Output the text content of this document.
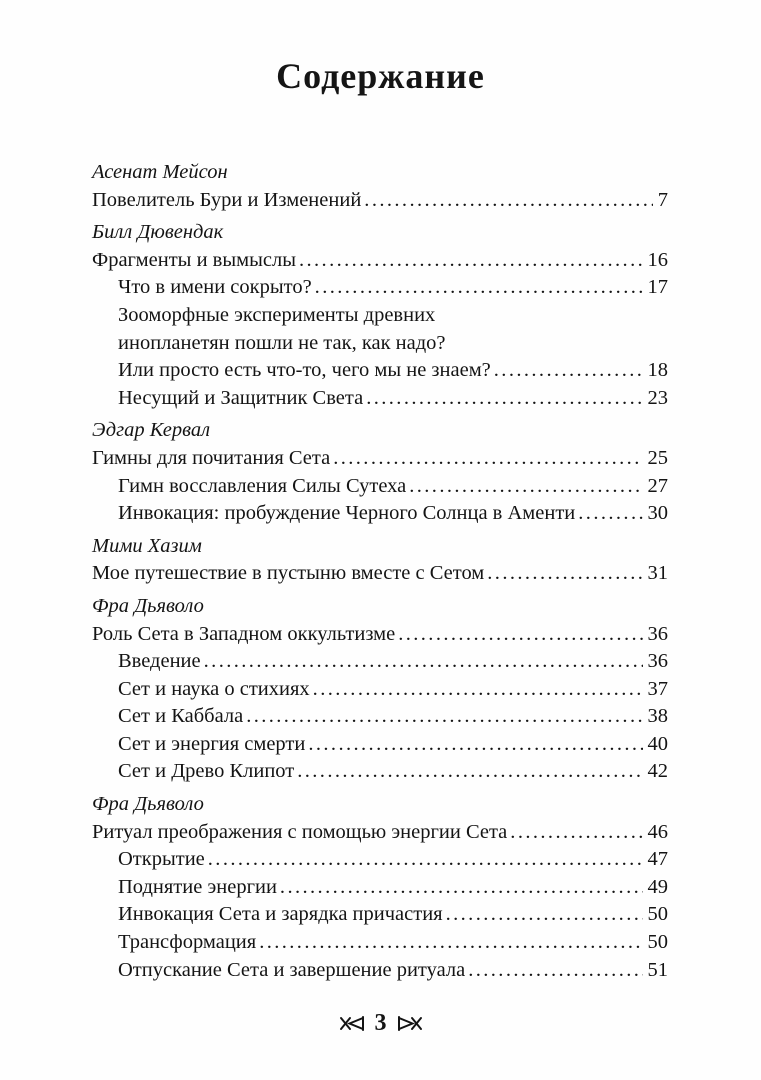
Содержание
Асенат Мейсон
Повелитель Бури и Изменений .....	7
Билл Дювендак
Фрагменты и вымыслы .....	16
Что в имени сокрыто? .....	17
Зооморфные эксперименты древних
инопланетян пошли не так, как надо?
Или просто есть что-то, чего мы не знаем? .....	18
Несущий и Защитник Света .....	23
Эдгар Кервал
Гимны для почитания Сета .....	25
Гимн восславления Силы Сутеха .....	27
Инвокация: пробуждение Черного Солнца в Аменти .....	30
Мими Хазим
Мое путешествие в пустыню вместе с Сетом .....	31
Фра Дьяволо
Роль Сета в Западном оккультизме .....	36
Введение .....	36
Сет и наука о стихиях .....	37
Сет и Каббала .....	38
Сет и энергия смерти .....	40
Сет и Древо Клипот .....	42
Фра Дьяволо
Ритуал преображения с помощью энергии Сета .....	46
Открытие .....	47
Поднятие энергии .....	49
Инвокация Сета и зарядка причастия .....	50
Трансформация .....	50
Отпускание Сета и завершение ритуала .....	51
3
